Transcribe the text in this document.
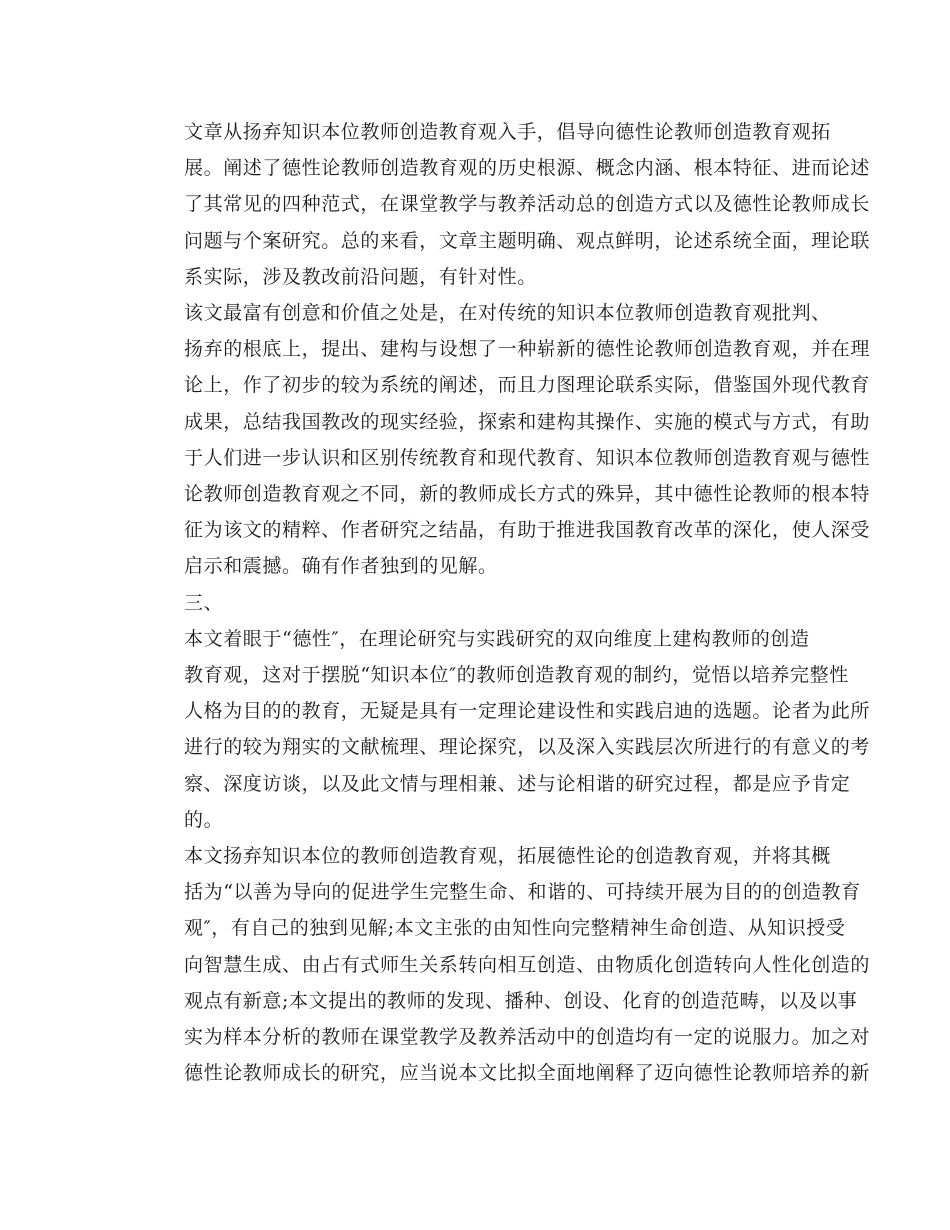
文章从扬弃知识本位教师创造教育观入手，倡导向德性论教师创造教育观拓
展。阐述了德性论教师创造教育观的历史根源、概念内涵、根本特征、进而论述
了其常见的四种范式，在课堂教学与教养活动总的创造方式以及德性论教师成长
问题与个案研究。总的来看，文章主题明确、观点鲜明，论述系统全面，理论联
系实际，涉及教改前沿问题，有针对性。
该文最富有创意和价值之处是，在对传统的知识本位教师创造教育观批判、
扬弃的根底上，提出、建构与设想了一种崭新的德性论教师创造教育观，并在理
论上，作了初步的较为系统的阐述，而且力图理论联系实际，借鉴国外现代教育
成果，总结我国教改的现实经验，探索和建构其操作、实施的模式与方式，有助
于人们进一步认识和区别传统教育和现代教育、知识本位教师创造教育观与德性
论教师创造教育观之不同，新的教师成长方式的殊异，其中德性论教师的根本特
征为该文的精粹、作者研究之结晶，有助于推进我国教育改革的深化，使人深受
启示和震撼。确有作者独到的见解。
三、
本文着眼于“德性″，在理论研究与实践研究的双向维度上建构教师的创造
教育观，这对于摆脱“知识本位″的教师创造教育观的制约，觉悟以培养完整性
人格为目的的教育，无疑是具有一定理论建设性和实践启迪的选题。论者为此所
进行的较为翔实的文献梳理、理论探究，以及深入实践层次所进行的有意义的考
察、深度访谈，以及此文情与理相兼、述与论相谐的研究过程，都是应予肯定
的。
本文扬弃知识本位的教师创造教育观，拓展德性论的创造教育观，并将其概
括为“以善为导向的促进学生完整生命、和谐的、可持续开展为目的的创造教育
观″，有自己的独到见解;本文主张的由知性向完整精神生命创造、从知识授受
向智慧生成、由占有式师生关系转向相互创造、由物质化创造转向人性化创造的
观点有新意;本文提出的教师的发现、播种、创设、化育的创造范畴，以及以事
实为样本分析的教师在课堂教学及教养活动中的创造均有一定的说服力。加之对
德性论教师成长的研究，应当说本文比拟全面地阐释了迈向德性论教师培养的新
